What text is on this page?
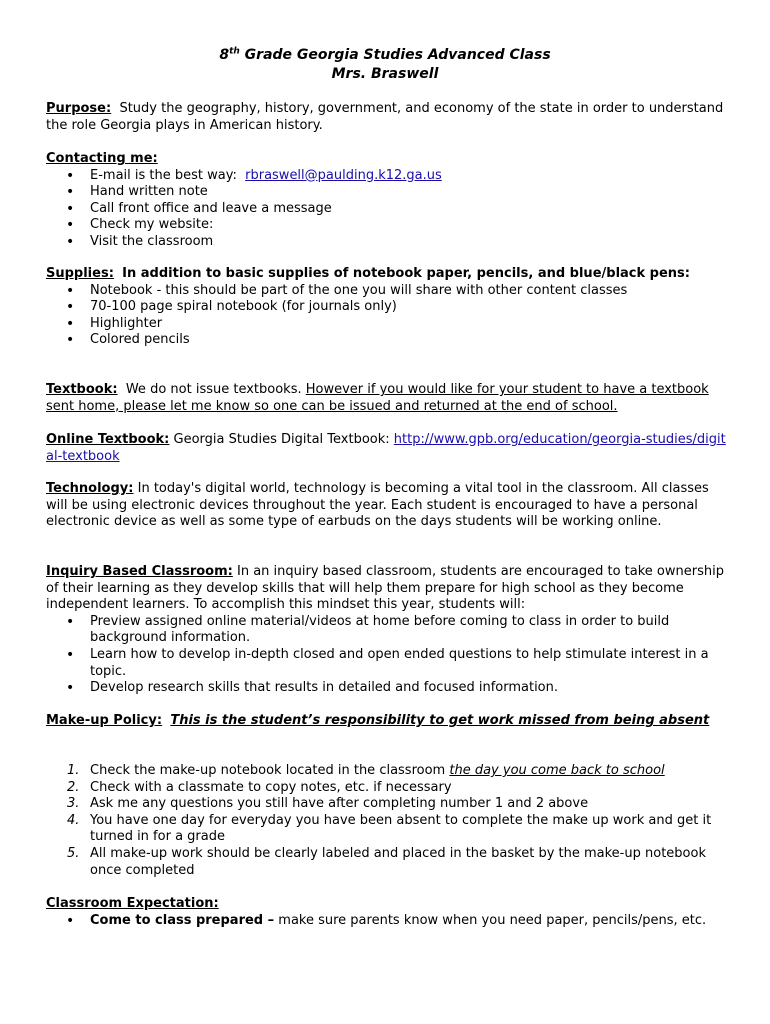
8th Grade Georgia Studies Advanced Class
Mrs. Braswell
Purpose: Study the geography, history, government, and economy of the state in order to understand the role Georgia plays in American history.
Contacting me:
• E-mail is the best way: rbraswell@paulding.k12.ga.us
• Hand written note
• Call front office and leave a message
• Check my website:
• Visit the classroom
Supplies: In addition to basic supplies of notebook paper, pencils, and blue/black pens:
• Notebook - this should be part of the one you will share with other content classes
• 70-100 page spiral notebook (for journals only)
• Highlighter
• Colored pencils
Textbook: We do not issue textbooks. However if you would like for your student to have a textbook sent home, please let me know so one can be issued and returned at the end of school.
Online Textbook: Georgia Studies Digital Textbook: http://www.gpb.org/education/georgia-studies/digital-textbook
Technology: In today's digital world, technology is becoming a vital tool in the classroom. All classes will be using electronic devices throughout the year. Each student is encouraged to have a personal electronic device as well as some type of earbuds on the days students will be working online.
Inquiry Based Classroom: In an inquiry based classroom, students are encouraged to take ownership of their learning as they develop skills that will help them prepare for high school as they become independent learners. To accomplish this mindset this year, students will:
• Preview assigned online material/videos at home before coming to class in order to build background information.
• Learn how to develop in-depth closed and open ended questions to help stimulate interest in a topic.
• Develop research skills that results in detailed and focused information.
Make-up Policy: This is the student’s responsibility to get work missed from being absent
1. Check the make-up notebook located in the classroom the day you come back to school
2. Check with a classmate to copy notes, etc. if necessary
3. Ask me any questions you still have after completing number 1 and 2 above
4. You have one day for everyday you have been absent to complete the make up work and get it turned in for a grade
5. All make-up work should be clearly labeled and placed in the basket by the make-up notebook once completed
Classroom Expectation:
• Come to class prepared – make sure parents know when you need paper, pencils/pens, etc.
